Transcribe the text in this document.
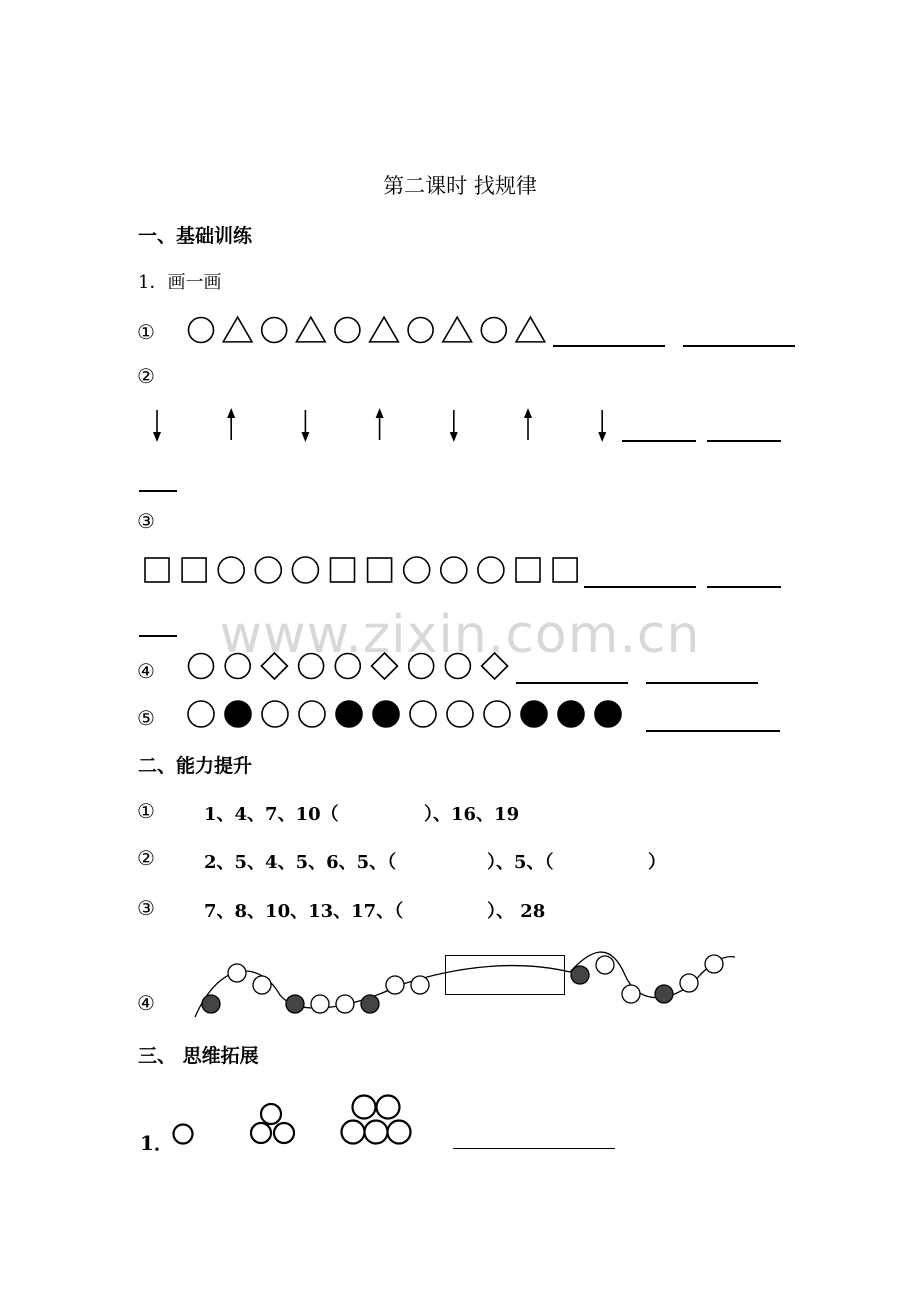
第二课时 找规律
www.zixin.com.cn
一、基础训练
1．画一画
①
②
③
④
⑤
二、能力提升
①
②
③
④
1、4、7、10（	）、16、19
2、5、4、5、6、5、（	）、5、（	）
7、8、10、13、17、（	）、 28
三、 思维拓展
1．
